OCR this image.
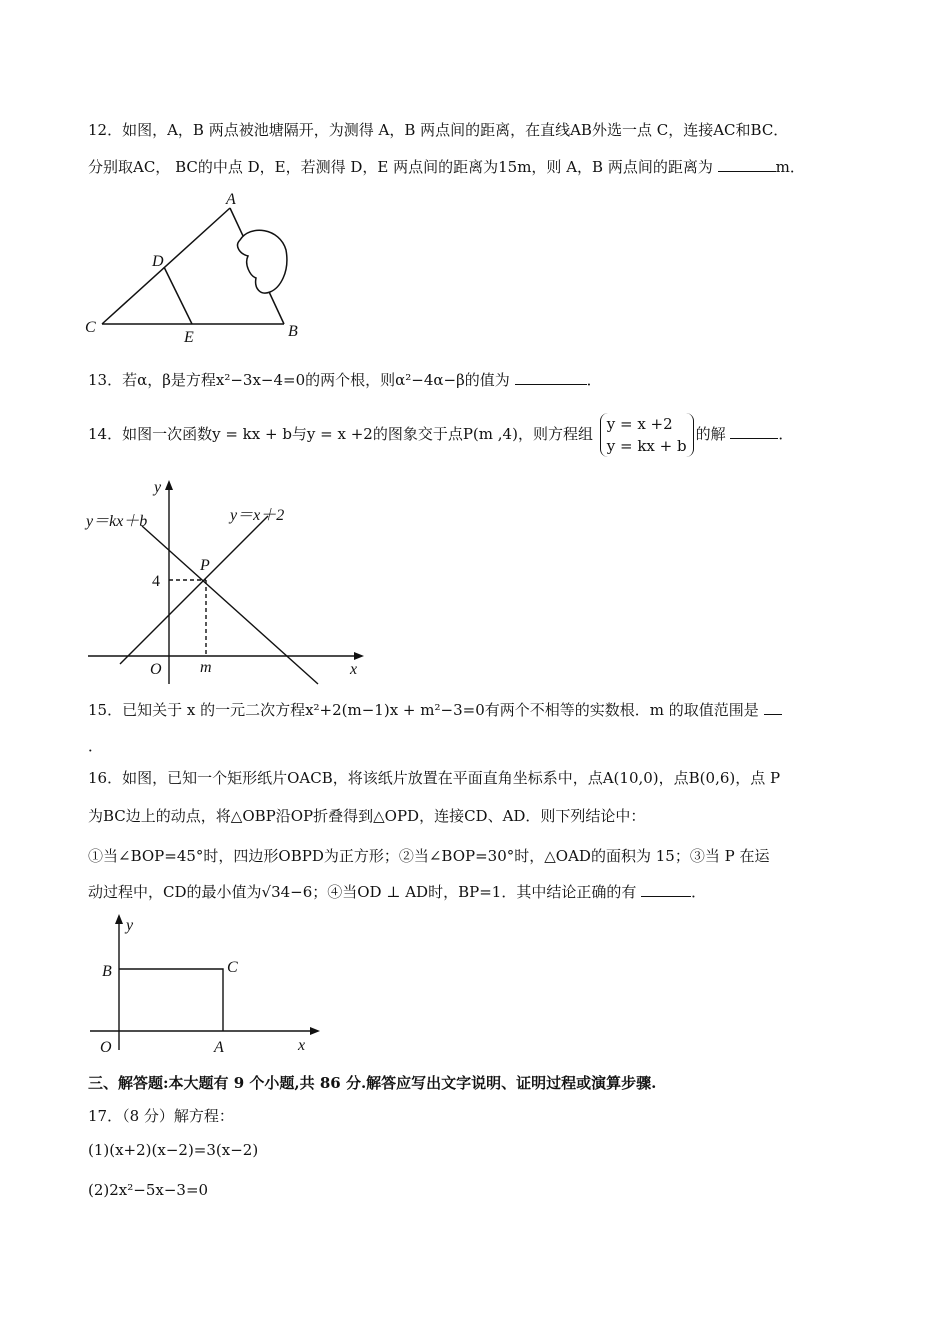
12．如图，A，B 两点被池塘隔开，为测得 A，B 两点间的距离，在直线AB外选一点 C，连接AC和BC．
分别取AC， BC的中点 D，E，若测得 D，E 两点间的距离为15m，则 A，B 两点间的距离为	m．
A
B
C
D
E
13．若α，β是方程x²−3x−4=0的两个根，则α²−4α−β的值为	．
14．如图一次函数y = kx + b与y = x +2的图象交于点P(m ,4)，则方程组
y = x +2
y = kx + b
的解	．
y
x
y＝kx＋b	y＝x＋2
P
4
O m
15．已知关于 x 的一元二次方程x²+2(m−1)x + m²−3=0有两个不相等的实数根．m 的取值范围是
．
16．如图，已知一个矩形纸片OACB，将该纸片放置在平面直角坐标系中，点A(10,0)，点B(0,6)，点 P
为BC边上的动点，将△OBP沿OP折叠得到△OPD，连接CD、AD．则下列结论中：
①当∠BOP=45°时，四边形OBPD为正方形；②当∠BOP=30°时，△OAD的面积为 15；③当 P 在运
动过程中，CD的最小值为√34−6；④当OD ⊥ AD时，BP=1．其中结论正确的有	．
y
x
B	C
O	A
三、解答题:本大题有 9 个小题,共 86 分.解答应写出文字说明、证明过程或演算步骤.
17．（8 分）解方程：
(1)(x+2)(x−2)=3(x−2)
(2)2x²−5x−3=0
